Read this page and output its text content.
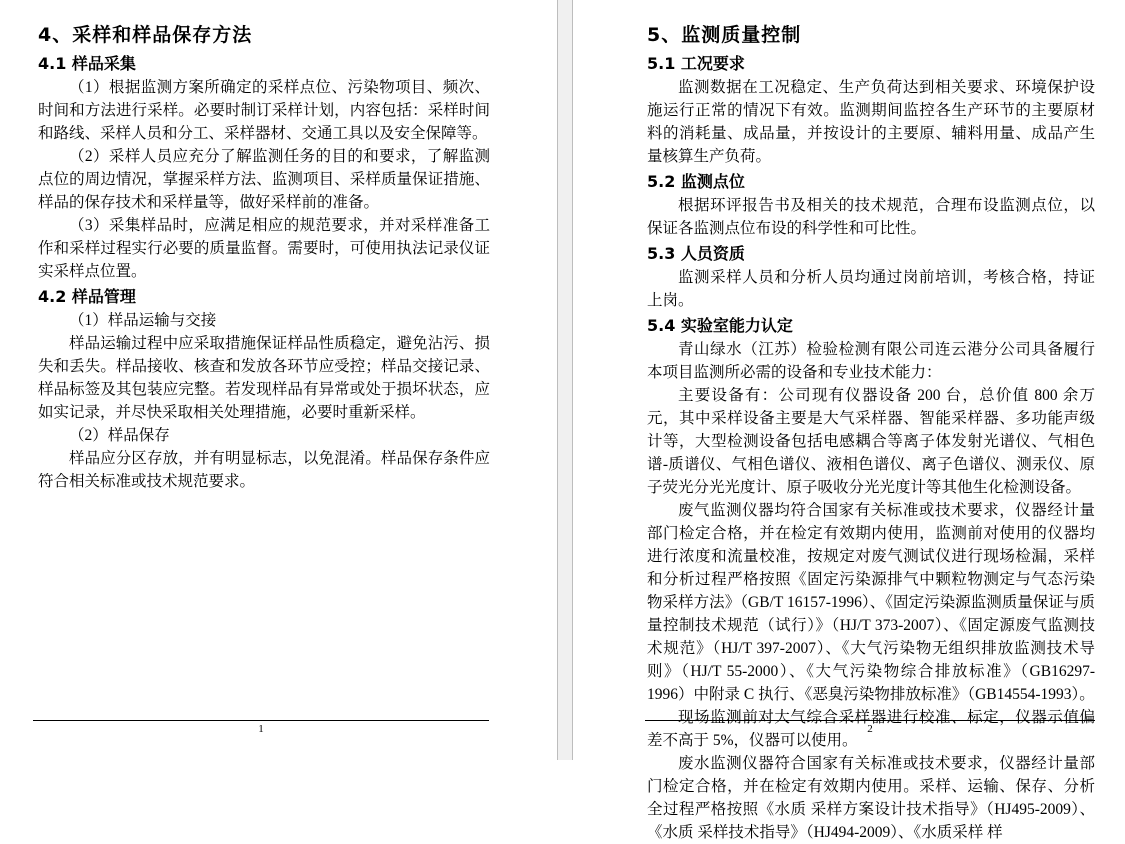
4、采样和样品保存方法
4.1 样品采集

（1）根据监测方案所确定的采样点位、污染物项目、频次、时间和方法进行采样。必要时制订采样计划，内容包括：采样时间和路线、采样人员和分工、采样器材、交通工具以及安全保障等。

（2）采样人员应充分了解监测任务的目的和要求，了解监测点位的周边情况，掌握采样方法、监测项目、采样质量保证措施、样品的保存技术和采样量等，做好采样前的准备。

（3）采集样品时，应满足相应的规范要求，并对采样准备工作和采样过程实行必要的质量监督。需要时，可使用执法记录仪证实采样点位置。

4.2 样品管理

（1）样品运输与交接

样品运输过程中应采取措施保证样品性质稳定，避免沾污、损失和丢失。样品接收、核查和发放各环节应受控；样品交接记录、样品标签及其包装应完整。若发现样品有异常或处于损坏状态，应如实记录，并尽快采取相关处理措施，必要时重新采样。

（2）样品保存

样品应分区存放，并有明显标志，以免混淆。样品保存条件应符合相关标准或技术规范要求。

1
5、监测质量控制
5.1 工况要求

监测数据在工况稳定、生产负荷达到相关要求、环境保护设施运行正常的情况下有效。监测期间监控各生产环节的主要原材料的消耗量、成品量，并按设计的主要原、辅料用量、成品产生量核算生产负荷。

5.2 监测点位

根据环评报告书及相关的技术规范，合理布设监测点位，以保证各监测点位布设的科学性和可比性。

5.3 人员资质

监测采样人员和分析人员均通过岗前培训，考核合格，持证上岗。

5.4 实验室能力认定

青山绿水（江苏）检验检测有限公司连云港分公司具备履行本项目监测所必需的设备和专业技术能力：

主要设备有：公司现有仪器设备 200 台，总价值 800 余万元，其中采样设备主要是大气采样器、智能采样器、多功能声级计等，大型检测设备包括电感耦合等离子体发射光谱仪、气相色谱-质谱仪、气相色谱仪、液相色谱仪、离子色谱仪、测汞仪、原子荧光分光光度计、原子吸收分光光度计等其他生化检测设备。

废气监测仪器均符合国家有关标准或技术要求，仪器经计量部门检定合格，并在检定有效期内使用，监测前对使用的仪器均进行浓度和流量校准，按规定对废气测试仪进行现场检漏，采样和分析过程严格按照《固定污染源排气中颗粒物测定与气态污染物采样方法》（GB/T 16157-1996）、《固定污染源监测质量保证与质量控制技术规范（试行）》（HJ/T 373-2007）、《固定源废气监测技术规范》（HJ/T 397-2007）、《大气污染物无组织排放监测技术导则》（HJ/T 55-2000）、《大气污染物综合排放标准》（GB16297-1996）中附录 C 执行、《恶臭污染物排放标准》（GB14554-1993）。

现场监测前对大气综合采样器进行校准、标定，仪器示值偏差不高于 5%，仪器可以使用。

废水监测仪器符合国家有关标准或技术要求，仪器经计量部门检定合格，并在检定有效期内使用。采样、运输、保存、分析全过程严格按照《水质 采样方案设计技术指导》（HJ495-2009）、《水质 采样技术指导》（HJ494-2009）、《水质采样 样

2
